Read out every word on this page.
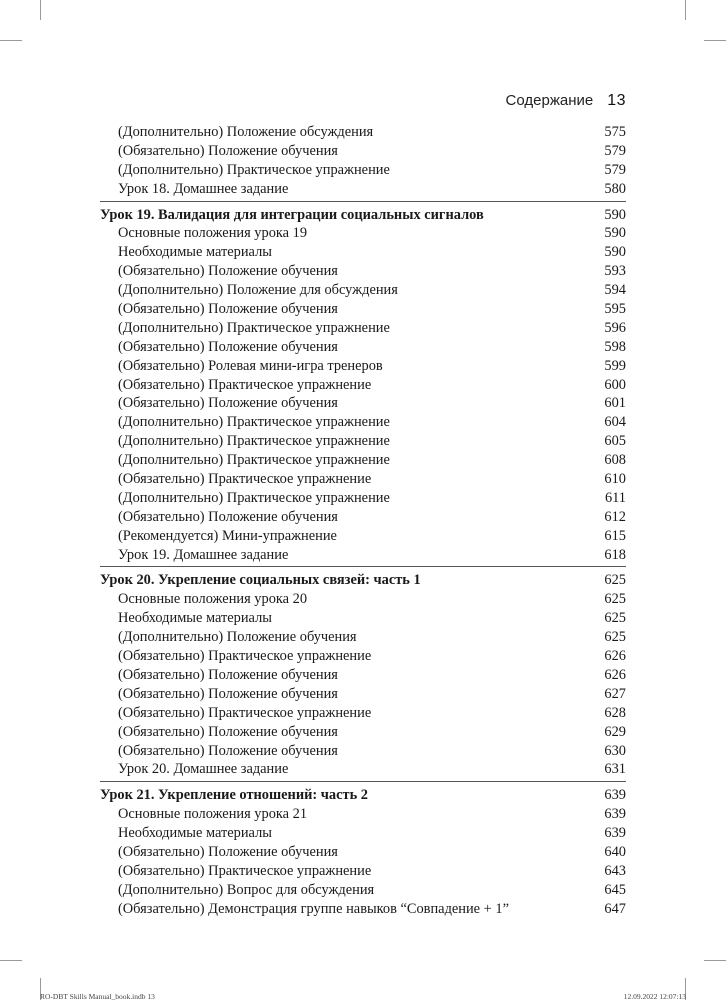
Содержание 13
(Дополнительно) Положение обсуждения	575
(Обязательно) Положение обучения	579
(Дополнительно) Практическое упражнение	579
Урок 18. Домашнее задание	580
Урок 19. Валидация для интеграции социальных сигналов	590
Основные положения урока 19	590
Необходимые материалы	590
(Обязательно) Положение обучения	593
(Дополнительно) Положение для обсуждения	594
(Обязательно) Положение обучения	595
(Дополнительно) Практическое упражнение	596
(Обязательно) Положение обучения	598
(Обязательно) Ролевая мини-игра тренеров	599
(Обязательно) Практическое упражнение	600
(Обязательно) Положение обучения	601
(Дополнительно) Практическое упражнение	604
(Дополнительно) Практическое упражнение	605
(Дополнительно) Практическое упражнение	608
(Обязательно) Практическое упражнение	610
(Дополнительно) Практическое упражнение	611
(Обязательно) Положение обучения	612
(Рекомендуется) Мини-упражнение	615
Урок 19. Домашнее задание	618
Урок 20. Укрепление социальных связей: часть 1	625
Основные положения урока 20	625
Необходимые материалы	625
(Дополнительно) Положение обучения	625
(Обязательно) Практическое упражнение	626
(Обязательно) Положение обучения	626
(Обязательно) Положение обучения	627
(Обязательно) Практическое упражнение	628
(Обязательно) Положение обучения	629
(Обязательно) Положение обучения	630
Урок 20. Домашнее задание	631
Урок 21. Укрепление отношений: часть 2	639
Основные положения урока 21	639
Необходимые материалы	639
(Обязательно) Положение обучения	640
(Обязательно) Практическое упражнение	643
(Дополнительно) Вопрос для обсуждения	645
(Обязательно) Демонстрация группе навыков “Совпадение + 1”	647
RO-DBT Skills Manual_book.indb 13	12.09.2022 12:07:13
